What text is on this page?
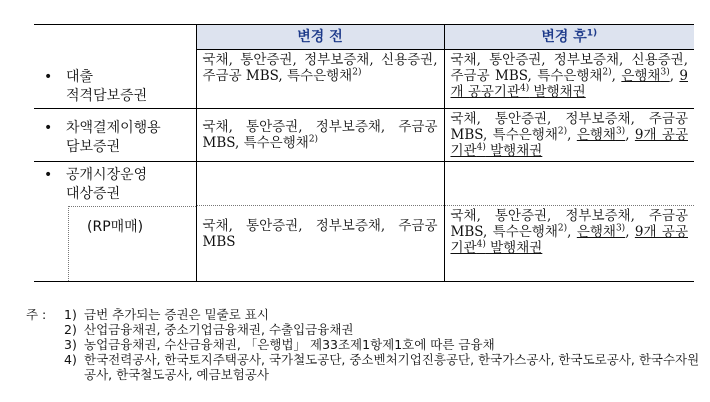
	변경 전	변경 후$^{1)}$
• 대출
적격담보증권	국채, 통안증권, 정부보증채, 신용증권, 주금공 MBS, 특수은행채$^{2)}$	국채, 통안증권, 정부보증채, 신용증권, 주금공 MBS, 특수은행채$^{2)}$, 은행채$^{3)}$, 9개 공공기관$^{4)}$ 발행채권
• 차액결제이행용
담보증권	국채, 통안증권, 정부보증채, 주금공 MBS, 특수은행채$^{2)}$	국채, 통안증권, 정부보증채, 주금공 MBS, 특수은행채$^{2)}$, 은행채$^{3)}$, 9개 공공기관$^{4)}$ 발행채권
• 공개시장운영
대상증권		

(RP매매)	국채, 통안증권, 정부보증채, 주금공 MBS	국채, 통안증권, 정부보증채, 주금공 MBS, 특수은행채$^{2)}$, 은행채$^{3)}$, 9개 공공기관$^{4)}$ 발행채권
주 :	1) 금번 추가되는 증권은 밑줄로 표시
2) 산업금융채권, 중소기업금융채권, 수출입금융채권
3) 농업금융채권, 수산금융채권, 「은행법」 제33조제1항제1호에 따른 금융채
4) 한국전력공사, 한국토지주택공사, 국가철도공단, 중소벤처기업진흥공단, 한국가스공사, 한국도로공사, 한국수자원공사, 한국철도공사, 예금보험공사
